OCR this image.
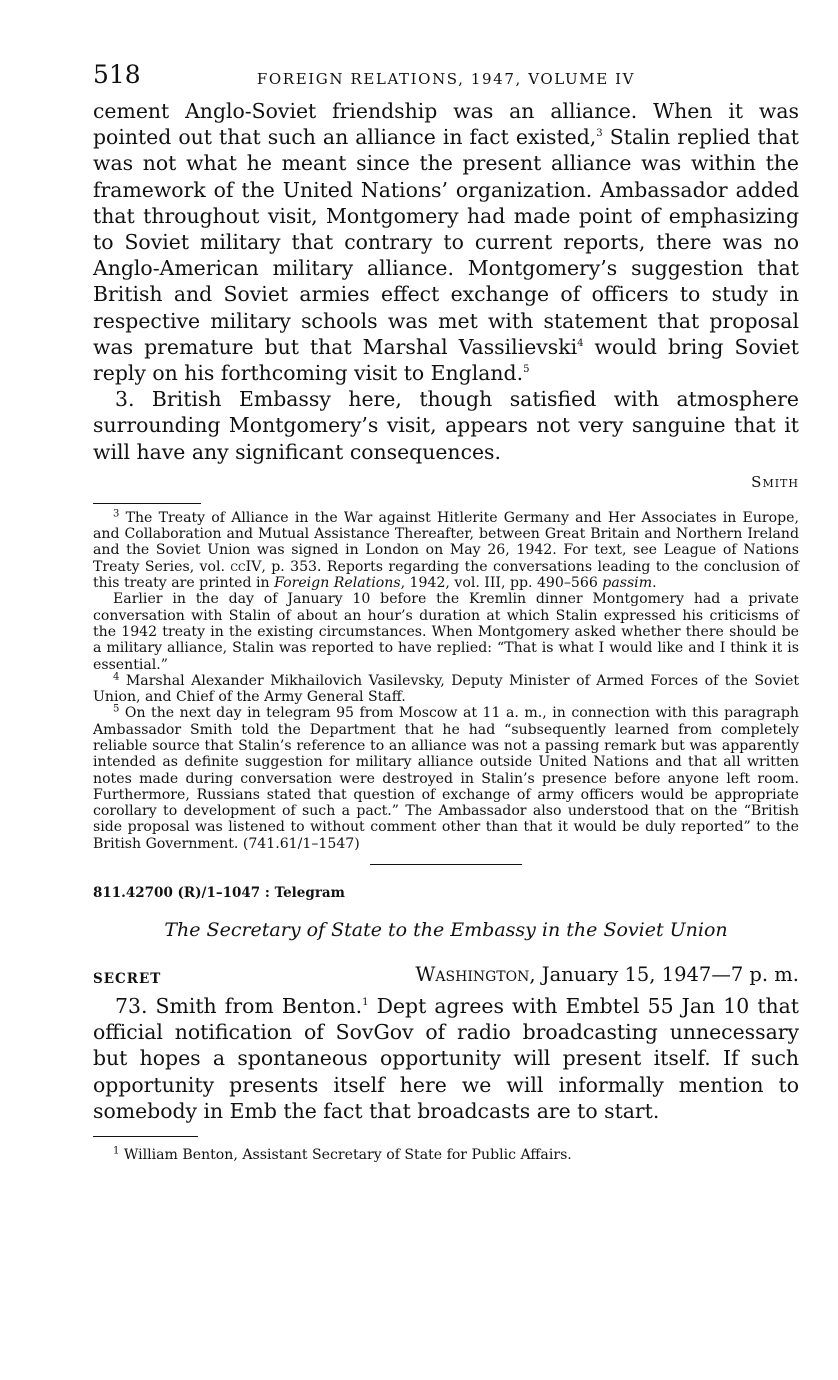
518	FOREIGN RELATIONS, 1947, VOLUME IV

cement Anglo-Soviet friendship was an alliance. When it was pointed out that such an alliance in fact existed,$^3$ Stalin replied that was not what he meant since the present alliance was within the framework of the United Nations’ organization. Ambassador added that throughout visit, Montgomery had made point of emphasizing to Soviet military that contrary to current reports, there was no Anglo-American military alliance. Montgomery’s suggestion that British and Soviet armies effect exchange of officers to study in respective military schools was met with statement that proposal was premature but that Marshal Vassilievski$^4$ would bring Soviet reply on his forthcoming visit to England.$^5$

3. British Embassy here, though satisfied with atmosphere surrounding Montgomery’s visit, appears not very sanguine that it will have any significant consequences.

Smith

$^3$ The Treaty of Alliance in the War against Hitlerite Germany and Her Associates in Europe, and Collaboration and Mutual Assistance Thereafter, between Great Britain and Northern Ireland and the Soviet Union was signed in London on May 26, 1942. For text, see League of Nations Treaty Series, vol. ccIV, p. 353. Reports regarding the conversations leading to the conclusion of this treaty are printed in Foreign Relations, 1942, vol. III, pp. 490–566 passim.

Earlier in the day of January 10 before the Kremlin dinner Montgomery had a private conversation with Stalin of about an hour’s duration at which Stalin expressed his criticisms of the 1942 treaty in the existing circumstances. When Montgomery asked whether there should be a military alliance, Stalin was reported to have replied: “That is what I would like and I think it is essential.”

$^4$ Marshal Alexander Mikhailovich Vasilevsky, Deputy Minister of Armed Forces of the Soviet Union, and Chief of the Army General Staff.

$^5$ On the next day in telegram 95 from Moscow at 11 a. m., in connection with this paragraph Ambassador Smith told the Department that he had “subsequently learned from completely reliable source that Stalin’s reference to an alliance was not a passing remark but was apparently intended as definite suggestion for military alliance outside United Nations and that all written notes made during conversation were destroyed in Stalin’s presence before anyone left room. Furthermore, Russians stated that question of exchange of army officers would be appropriate corollary to development of such a pact.” The Ambassador also understood that on the “British side proposal was listened to without comment other than that it would be duly reported” to the British Government. (741.61/1–1547)

811.42700 (R)/1–1047 : Telegram

The Secretary of State to the Embassy in the Soviet Union

SECRET	Washington, January 15, 1947—7 p. m.

73. Smith from Benton.$^1$ Dept agrees with Embtel 55 Jan 10 that official notification of SovGov of radio broadcasting unnecessary but hopes a spontaneous opportunity will present itself. If such opportunity presents itself here we will informally mention to somebody in Emb the fact that broadcasts are to start.

$^1$ William Benton, Assistant Secretary of State for Public Affairs.
